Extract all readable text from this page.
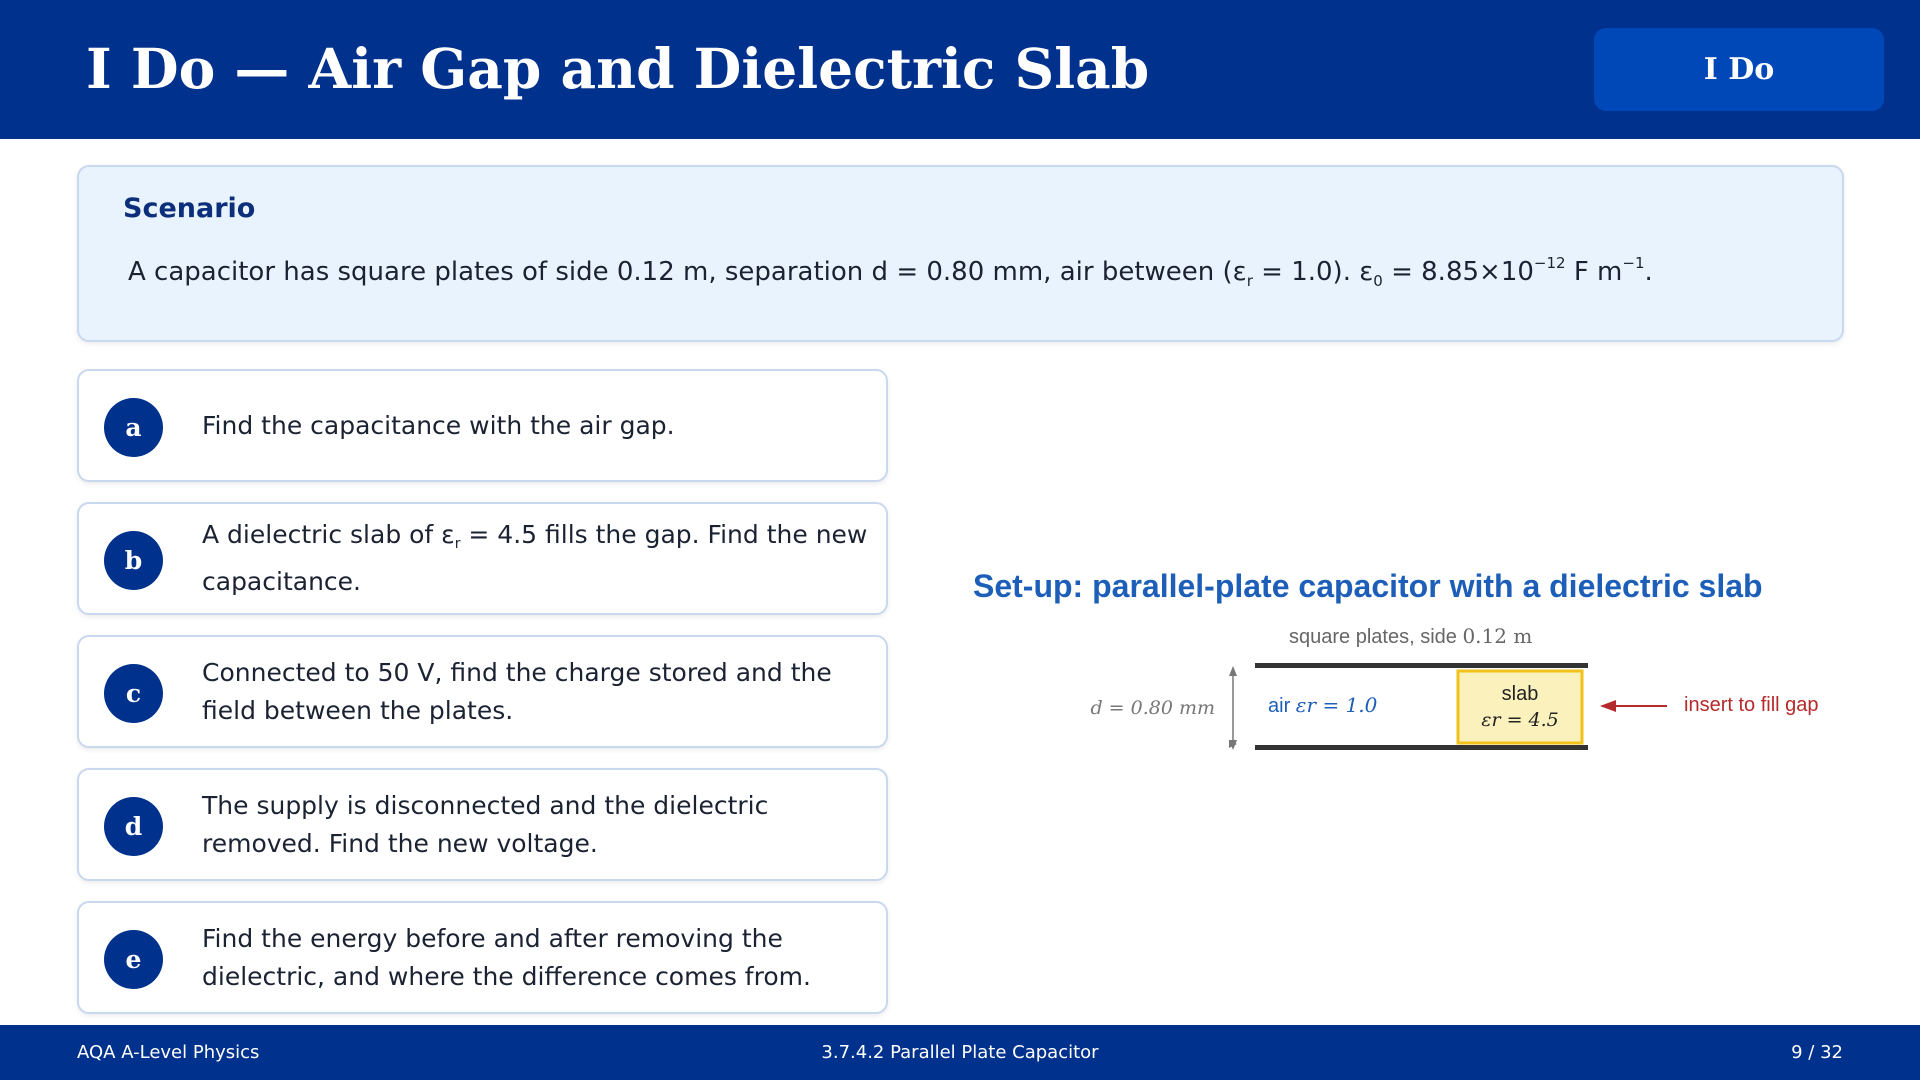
I Do — Air Gap and Dielectric Slab	I Do
Scenario
A capacitor has square plates of side 0.12 m, separation d = 0.80 mm, air between $(\varepsilon_r = 1.0)$. $\varepsilon_0 = 8.85\times 10^{-12}$ F $m^{-1}$.
a	Find the capacitance with the air gap.
b
A dielectric slab of $\varepsilon_r = 4.5$ fills the gap. Find the new capacitance.
c
Connected to 50 V, find the charge stored and the field between the plates.
d
The supply is disconnected and the dielectric removed. Find the new voltage.
e
Find the energy before and after removing the dielectric, and where the difference comes from.
Set-up: parallel-plate capacitor with a dielectric slab
square plates, side 0.12 m
d = 0.80 mm	air εr = 1.0	slab
εr = 4.5
insert to fill gap
AQA A-Level Physics	3.7.4.2 Parallel Plate Capacitor	9 / 32
